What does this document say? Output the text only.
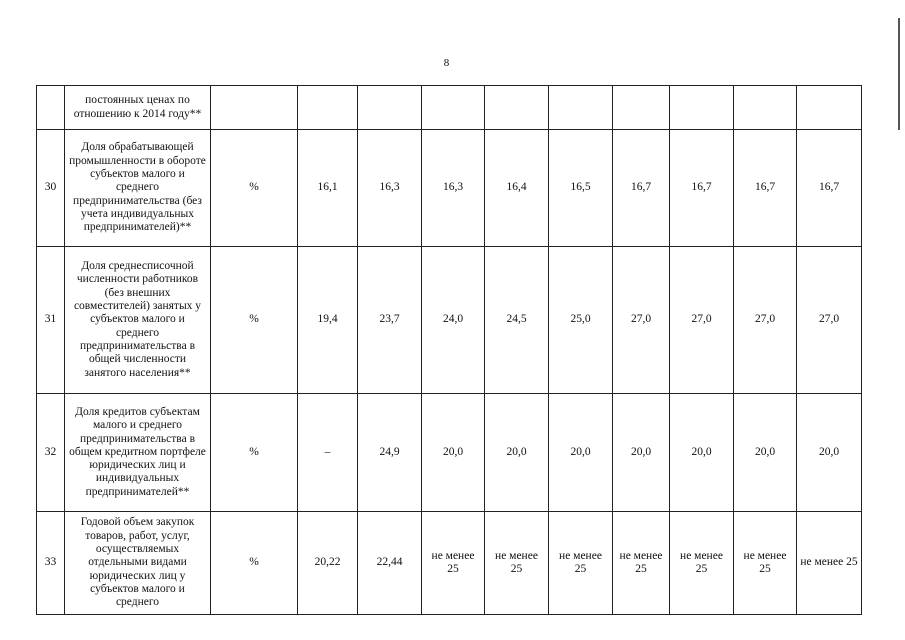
8
	постоянных ценах по отношению к 2014 году**										
30	Доля обрабатывающей промышленности в обороте субъектов малого и среднего предпринимательства (без учета индивидуальных предпринимателей)**	%	16,1	16,3	16,3	16,4	16,5	16,7	16,7	16,7	16,7
31	Доля среднесписочной численности работников (без внешних совместителей) занятых у субъектов малого и среднего предпринимательства в общей численности занятого населения**	%	19,4	23,7	24,0	24,5	25,0	27,0	27,0	27,0	27,0
32	Доля кредитов субъектам малого и среднего предпринимательства в общем кредитном портфеле юридических лиц и индивидуальных предпринимателей**	%	–	24,9	20,0	20,0	20,0	20,0	20,0	20,0	20,0
33	Годовой объем закупок товаров, работ, услуг, осуществляемых отдельными видами юридических лиц у субъектов малого и среднего	%	20,22	22,44	не менее 25	не менее 25	не менее 25	не менее 25	не менее 25	не менее 25	не менее 25
